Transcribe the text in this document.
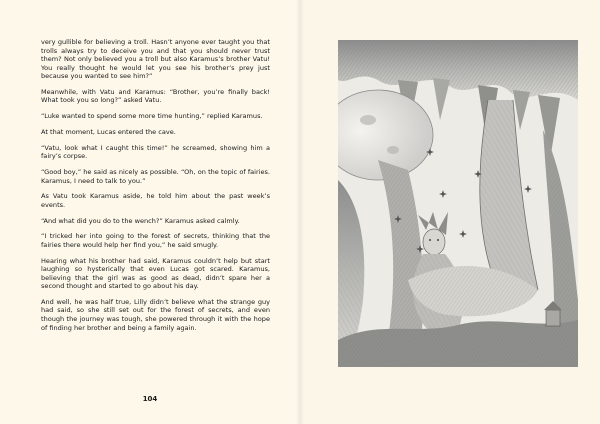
very gullible for believing a troll. Hasn’t anyone ever taught you that trolls always try to deceive you and that you should never trust them? Not only believed you a troll but also Karamus’s brother Vatu! You really thought he would let you see his brother’s prey just because you wanted to see him?”

Meanwhile, with Vatu and Karamus: “Brother, you’re finally back! What took you so long?” asked Vatu.

“Luke wanted to spend some more time hunting,” replied Karamus.

At that moment, Lucas entered the cave.

“Vatu, look what I caught this time!” he screamed, showing him a fairy’s corpse.

“Good boy,” he said as nicely as possible. “Oh, on the topic of fairies. Karamus, I need to talk to you.”

As Vatu took Karamus aside, he told him about the past week’s events.

“And what did you do to the wench?” Karamus asked calmly.

“I tricked her into going to the forest of secrets, thinking that the fairies there would help her find you,” he said smugly.

Hearing what his brother had said, Karamus couldn’t help but start laughing so hysterically that even Lucas got scared. Karamus, believing that the girl was as good as dead, didn’t spare her a second thought and started to go about his day.

And well, he was half true, Lilly didn’t believe what the strange guy had said, so she still set out for the forest of secrets, and even though the journey was tough, she powered through it with the hope of finding her brother and being a family again.

104
